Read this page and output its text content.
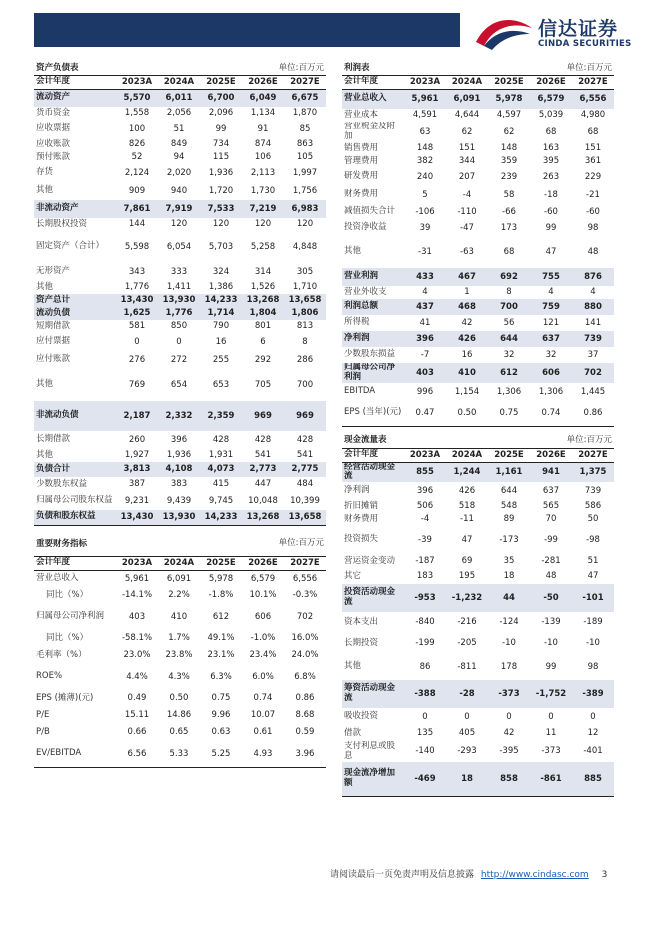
信达证券
CINDA SECURITIES
资产负债表			单位:百万元		
会计年度	2023A	2024A	2025E	2026E	2027E
流动资产	5,570	6,011	6,700	6,049	6,675
货币资金	1,558	2,056	2,096	1,134	1,870
应收票据	100	51	99	91	85
应收账款	826	849	734	874	863
预付账款	52	94	115	106	105
存货	2,124	2,020	1,936	2,113	1,997
其他	909	940	1,720	1,730	1,756
非流动资产	7,861	7,919	7,533	7,219	6,983
长期股权投资	144	120	120	120	120
固定资产（合计）	5,598	6,054	5,703	5,258	4,848
无形资产	343	333	324	314	305
其他	1,776	1,411	1,386	1,526	1,710
资产总计	13,430	13,930	14,233	13,268	13,658
流动负债	1,625	1,776	1,714	1,804	1,806
短期借款	581	850	790	801	813
应付票据	0	0	16	6	8
应付账款	276	272	255	292	286
其他	769	654	653	705	700
非流动负债	2,187	2,332	2,359	969	969
长期借款	260	396	428	428	428
其他	1,927	1,936	1,931	541	541
负债合计	3,813	4,108	4,073	2,773	2,775
少数股东权益	387	383	415	447	484
归属母公司股东权益	9,231	9,439	9,745	10,048	10,399
负债和股东权益	13,430	13,930	14,233	13,268	13,658
重要财务指标			单位:百万元		
会计年度	2023A	2024A	2025E	2026E	2027E
营业总收入	5,961	6,091	5,978	6,579	6,556
同比（%）	-14.1%	2.2%	-1.8%	10.1%	-0.3%
归属母公司净利润	403	410	612	606	702
同比（%）	-58.1%	1.7%	49.1%	-1.0%	16.0%
毛利率（%）	23.0%	23.8%	23.1%	23.4%	24.0%
ROE%	4.4%	4.3%	6.3%	6.0%	6.8%
EPS (摊薄)(元)	0.49	0.50	0.75	0.74	0.86
P/E	15.11	14.86	9.96	10.07	8.68
P/B	0.66	0.65	0.63	0.61	0.59
EV/EBITDA	6.56	5.33	5.25	4.93	3.96
利润表			单位:百万元		
会计年度	2023A	2024A	2025E	2026E	2027E
营业总收入	5,961	6,091	5,978	6,579	6,556
营业成本	4,591	4,644	4,597	5,039	4,980
营业税金及附加	63	62	62	68	68
销售费用	148	151	148	163	151
管理费用	382	344	359	395	361
研发费用	240	207	239	263	229
财务费用	5	-4	58	-18	-21
减值损失合计	-106	-110	-66	-60	-60
投资净收益	39	-47	173	99	98
其他	-31	-63	68	47	48
营业利润	433	467	692	755	876
营业外收支	4	1	8	4	4
利润总额	437	468	700	759	880
所得税	41	42	56	121	141
净利润	396	426	644	637	739
少数股东损益	-7	16	32	32	37
归属母公司净利润	403	410	612	606	702
EBITDA	996	1,154	1,306	1,306	1,445
EPS (当年)(元)	0.47	0.50	0.75	0.74	0.86
现金流量表			单位:百万元		
会计年度	2023A	2024A	2025E	2026E	2027E
经营活动现金流	855	1,244	1,161	941	1,375
净利润	396	426	644	637	739
折旧摊销	506	518	548	565	586
财务费用	-4	-11	89	70	50
投资损失	-39	47	-173	-99	-98
营运资金变动	-187	69	35	-281	51
其它	183	195	18	48	47
投资活动现金流	-953	-1,232	44	-50	-101
资本支出	-840	-216	-124	-139	-189
长期投资	-199	-205	-10	-10	-10
其他	86	-811	178	99	98
筹资活动现金流	-388	-28	-373	-1,752	-389
吸收投资	0	0	0	0	0
借款	135	405	42	11	12
支付利息或股息	-140	-293	-395	-373	-401
现金流净增加额	-469	18	858	-861	885
请阅读最后一页免责声明及信息披露 http://www.cindasc.com 3
